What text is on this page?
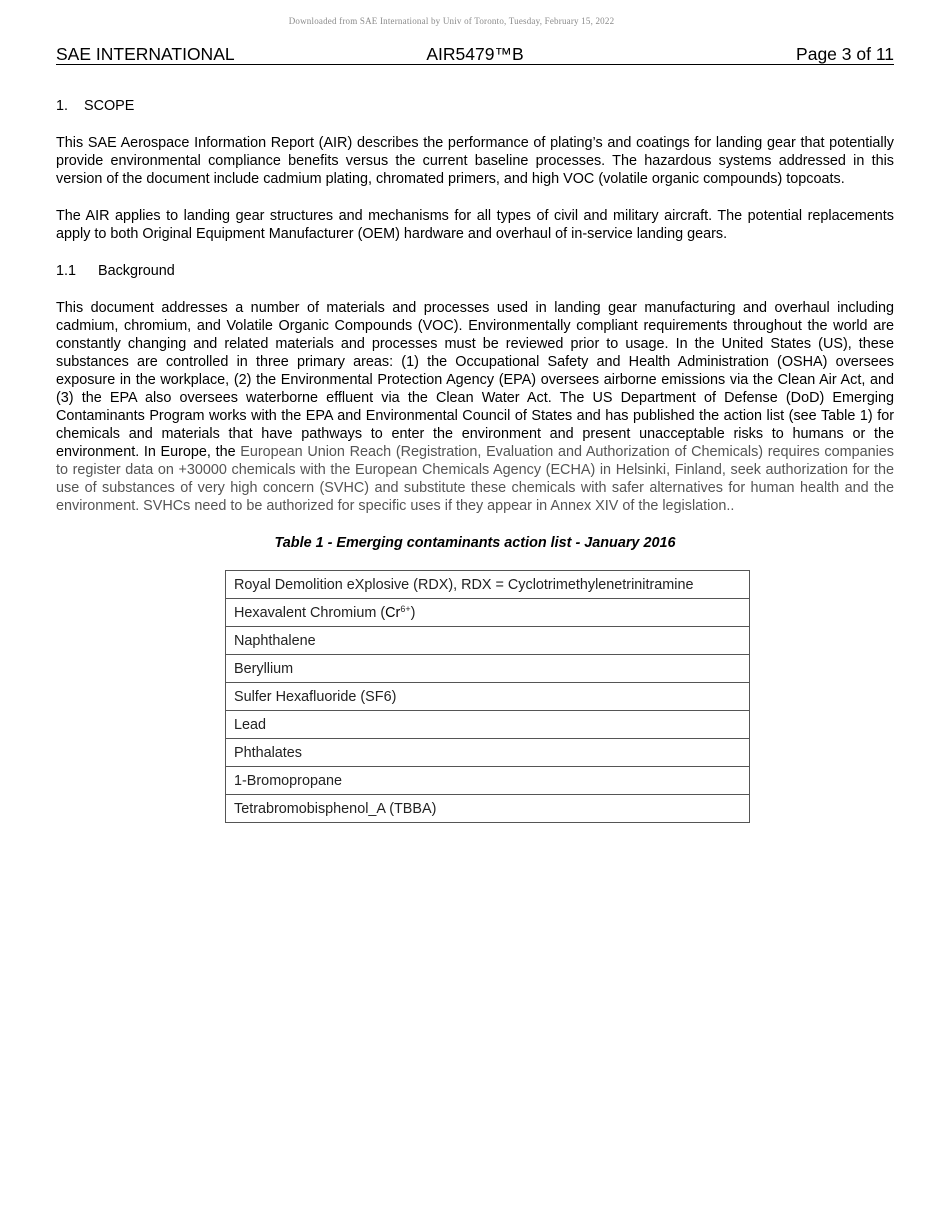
Downloaded from SAE International by Univ of Toronto, Tuesday, February 15, 2022
AIR5479™B
SAE INTERNATIONAL	Page 3 of 11

1. SCOPE

This SAE Aerospace Information Report (AIR) describes the performance of plating’s and coatings for landing gear that potentially provide environmental compliance benefits versus the current baseline processes. The hazardous systems addressed in this version of the document include cadmium plating, chromated primers, and high VOC (volatile organic compounds) topcoats.

The AIR applies to landing gear structures and mechanisms for all types of civil and military aircraft. The potential replacements apply to both Original Equipment Manufacturer (OEM) hardware and overhaul of in-service landing gears.

1.1 Background

This document addresses a number of materials and processes used in landing gear manufacturing and overhaul including cadmium, chromium, and Volatile Organic Compounds (VOC). Environmentally compliant requirements throughout the world are constantly changing and related materials and processes must be reviewed prior to usage. In the United States (US), these substances are controlled in three primary areas: (1) the Occupational Safety and Health Administration (OSHA) oversees exposure in the workplace, (2) the Environmental Protection Agency (EPA) oversees airborne emissions via the Clean Air Act, and (3) the EPA also oversees waterborne effluent via the Clean Water Act. The US Department of Defense (DoD) Emerging Contaminants Program works with the EPA and Environmental Council of States and has published the action list (see Table 1) for chemicals and materials that have pathways to enter the environment and present unacceptable risks to humans or the environment. In Europe, the European Union Reach (Registration, Evaluation and Authorization of Chemicals) requires companies to register data on +30000 chemicals with the European Chemicals Agency (ECHA) in Helsinki, Finland, seek authorization for the use of substances of very high concern (SVHC) and substitute these chemicals with safer alternatives for human health and the environment. SVHCs need to be authorized for specific uses if they appear in Annex XIV of the legislation..

Table 1 - Emerging contaminants action list - January 2016

Royal Demolition eXplosive (RDX), RDX = Cyclotrimethylenetrinitramine
Hexavalent Chromium $(Cr^{6+})$
Naphthalene
Beryllium
Sulfer Hexafluoride (SF6)
Lead
Phthalates
1-Bromopropane
Tetrabromobisphenol_A (TBBA)
